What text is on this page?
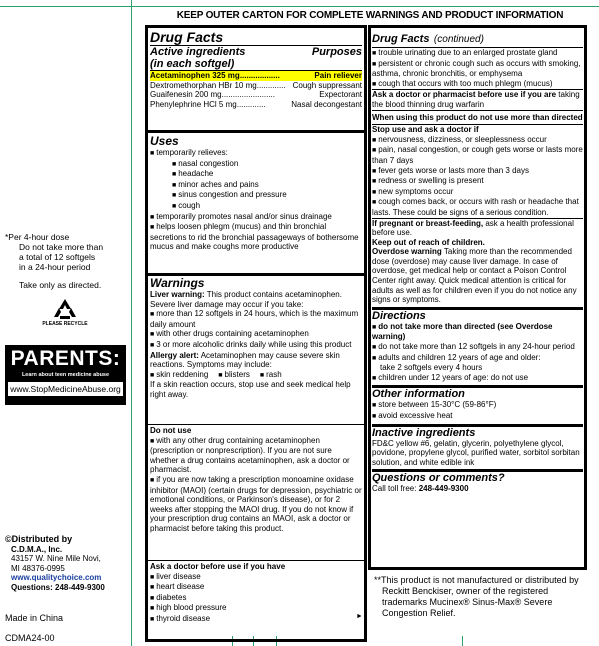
KEEP OUTER CARTON FOR COMPLETE WARNINGS AND PRODUCT INFORMATION
*Per 4-hour dose
Do not take more than
a total of 12 softgels
in a 24-hour period
Take only as directed.
PLEASE RECYCLE
PARENTS:
Learn about teen medicine abuse
www.StopMedicineAbuse.org
©Distributed by
C.D.M.A., Inc.
43157 W. Nine Mile Novi,
MI 48376-0995
www.qualitychoice.com
Questions: 248-449-9300
Made in China
CDMA24-00
Drug Facts
Active ingredients	Purposes
(in each softgel)
Acetaminophen 325 mg ..................	Pain reliever
Dextromethorphan HBr 10 mg ............. Cough suppressant
Guaifenesin 200 mg ........................	Expectorant
Phenylephrine HCl 5 mg .............	Nasal decongestant
Uses
■ temporarily relieves:
■ nasal congestion
■ headache
■ minor aches and pains
■ sinus congestion and pressure
■ cough
■ temporarily promotes nasal and/or sinus drainage
■ helps loosen phlegm (mucus) and thin bronchial secretions to rid the bronchial passageways of bothersome mucus and make coughs more productive
Warnings
Liver warning: This product contains acetaminophen. Severe liver damage may occur if you take:
■ more than 12 softgels in 24 hours, which is the maximum daily amount
■ with other drugs containing acetaminophen
■ 3 or more alcoholic drinks daily while using this product
Allergy alert: Acetaminophen may cause severe skin reactions. Symptoms may include:
■ skin reddening	■ blisters	■ rash
If a skin reaction occurs, stop use and seek medical help right away.
Do not use
■ with any other drug containing acetaminophen (prescription or nonprescription). If you are not sure whether a drug contains acetaminophen, ask a doctor or pharmacist.
■ if you are now taking a prescription monoamine oxidase inhibitor (MAOI) (certain drugs for depression, psychiatric or emotional conditions, or Parkinson's disease), or for 2 weeks after stopping the MAOI drug. If you do not know if your prescription drug contains an MAOI, ask a doctor or pharmacist before taking this product.
Ask a doctor before use if you have
■ liver disease
■ heart disease
■ diabetes
■ high blood pressure
■ thyroid disease	►
Drug Facts (continued)
■ trouble urinating due to an enlarged prostate gland
■ persistent or chronic cough such as occurs with smoking, asthma, chronic bronchitis, or emphysema
■ cough that occurs with too much phlegm (mucus)
Ask a doctor or pharmacist before use if you are taking the blood thinning drug warfarin
When using this product do not use more than directed
Stop use and ask a doctor if
■ nervousness, dizziness, or sleeplessness occur
■ pain, nasal congestion, or cough gets worse or lasts more than 7 days
■ fever gets worse or lasts more than 3 days
■ redness or swelling is present
■ new symptoms occur
■ cough comes back, or occurs with rash or headache that lasts. These could be signs of a serious condition.
If pregnant or breast-feeding, ask a health professional before use.
Keep out of reach of children.
Overdose warning Taking more than the recommended dose (overdose) may cause liver damage. In case of overdose, get medical help or contact a Poison Control Center right away. Quick medical attention is critical for adults as well as for children even if you do not notice any signs or symptoms.
Directions
■ do not take more than directed (see Overdose warning)
■ do not take more than 12 softgels in any 24-hour period
■ adults and children 12 years of age and older:
take 2 softgels every 4 hours
■ children under 12 years of age: do not use
Other information
■ store between 15-30°C (59-86°F)
■ avoid excessive heat
Inactive ingredients
FD&C yellow #6, gelatin, glycerin, polyethylene glycol, povidone, propylene glycol, purified water, sorbitol sorbitan solution, and white edible ink
Questions or comments?
Call toll free: 248-449-9300
**This product is not manufactured or distributed by Reckitt Benckiser, owner of the registered trademarks Mucinex® Sinus-Max® Severe Congestion Relief.
